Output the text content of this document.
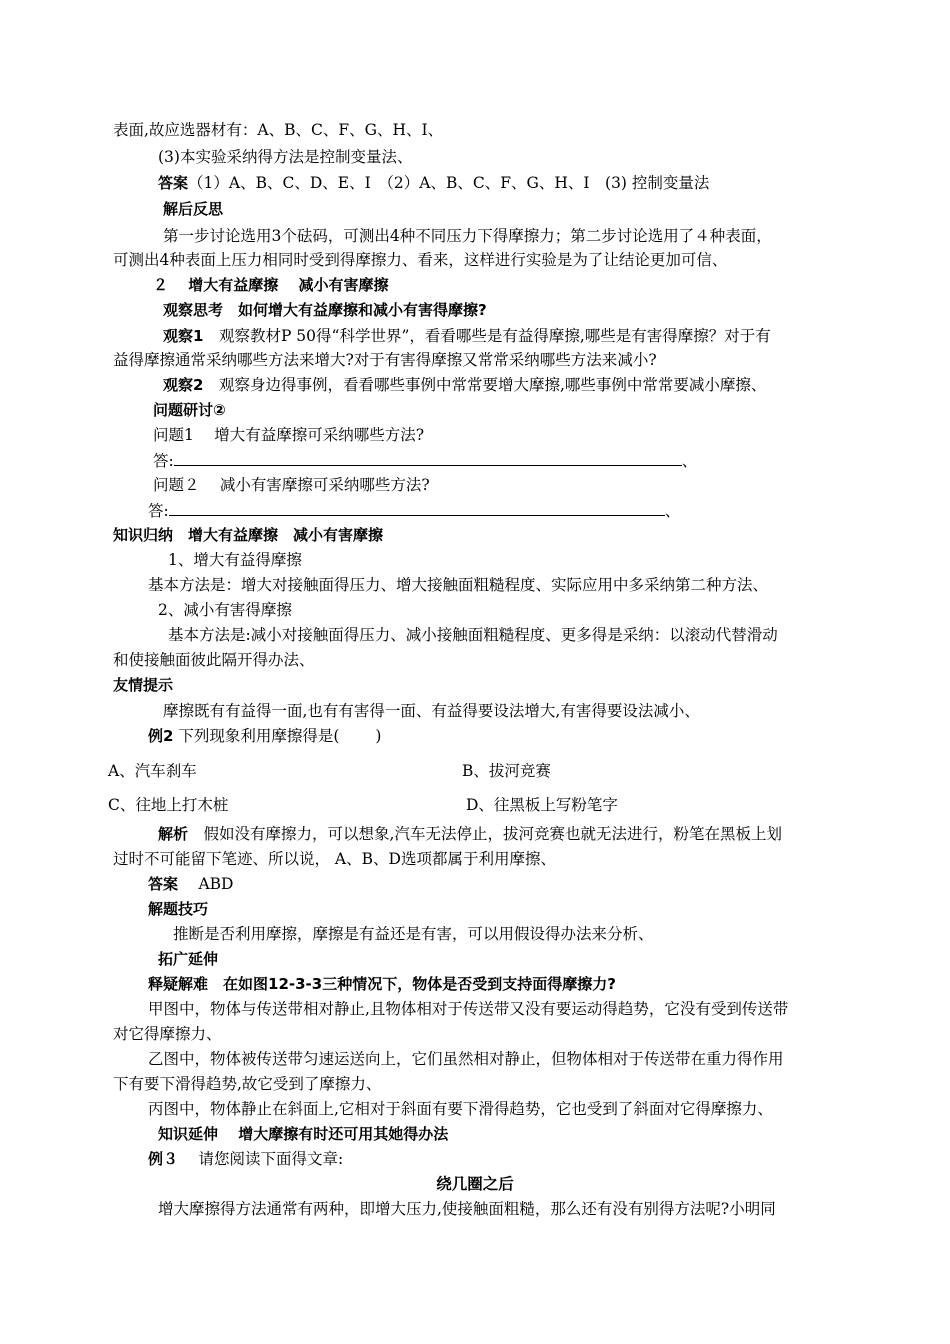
表面,故应选器材有：A、B、C、F、G、H、I、
(3)本实验采纳得方法是控制变量法、
答案（1）A、B、C、D、E、I　（2）A、B、C、F、G、H、I　(3) 控制变量法
解后反思
第一步讨论选用3个砝码，可测出4种不同压力下得摩擦力；第二步讨论选用了４种表面，
可测出4种表面上压力相同时受到得摩擦力、看来，这样进行实验是为了让结论更加可信、
２　 增大有益摩擦　 减小有害摩擦
观察思考　如何增大有益摩擦和减小有害得摩擦?
观察1　 观察教材P 50得“科学世界”，看看哪些是有益得摩擦,哪些是有害得摩擦？对于有
益得摩擦通常采纳哪些方法来增大?对于有害得摩擦又常常采纳哪些方法来减小?
观察2　 观察身边得事例，看看哪些事例中常常要增大摩擦,哪些事例中常常要减小摩擦、
问题研讨②
问题1　 增大有益摩擦可采纳哪些方法?
答:	、
问题２　 减小有害摩擦可采纳哪些方法?
答:	、
知识归纳　增大有益摩擦　减小有害摩擦
1、增大有益得摩擦
基本方法是：增大对接触面得压力、增大接触面粗糙程度、实际应用中多采纳第二种方法、
2、减小有害得摩擦
基本方法是:减小对接触面得压力、减小接触面粗糙程度、更多得是采纳：以滚动代替滑动
和使接触面彼此隔开得办法、
友情提示
摩擦既有有益得一面,也有有害得一面、有益得要设法增大,有害得要设法减小、
例2 下列现象利用摩擦得是(　　 )
A、汽车刹车	B、拔河竞赛
C、往地上打木桩	D、往黑板上写粉笔字
解析　 假如没有摩擦力，可以想象,汽车无法停止，拔河竞赛也就无法进行，粉笔在黑板上划
过时不可能留下笔迹、所以说， A、B、D选项都属于利用摩擦、
答案　 ABD
解题技巧
推断是否利用摩擦，摩擦是有益还是有害，可以用假设得办法来分析、
拓广延伸
释疑解难　在如图12-3-3三种情况下，物体是否受到支持面得摩擦力?
甲图中，物体与传送带相对静止,且物体相对于传送带又没有要运动得趋势，它没有受到传送带
对它得摩擦力、
乙图中，物体被传送带匀速运送向上，它们虽然相对静止，但物体相对于传送带在重力得作用
下有要下滑得趋势,故它受到了摩擦力、
丙图中，物体静止在斜面上,它相对于斜面有要下滑得趋势，它也受到了斜面对它得摩擦力、
知识延伸　 增大摩擦有时还可用其她得办法
例３　 请您阅读下面得文章:
绕几圈之后
增大摩擦得方法通常有两种，即增大压力,使接触面粗糙，那么还有没有别得方法呢?小明同
